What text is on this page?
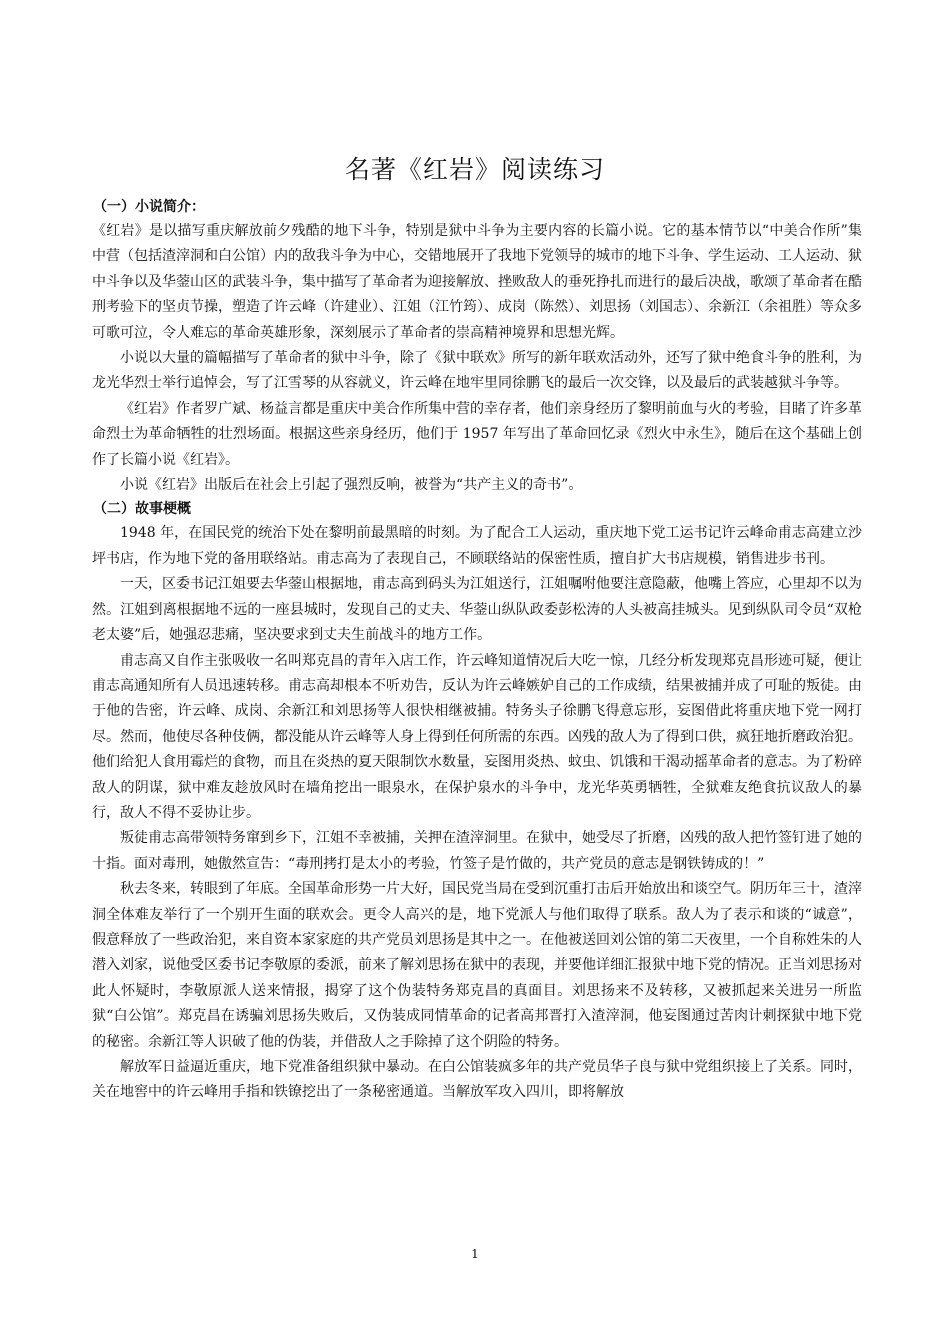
名著《红岩》阅读练习

（一）小说简介：

《红岩》是以描写重庆解放前夕残酷的地下斗争，特别是狱中斗争为主要内容的长篇小说。它的基本情节以“中美合作所”集中营（包括渣滓洞和白公馆）内的敌我斗争为中心，交错地展开了我地下党领导的城市的地下斗争、学生运动、工人运动、狱中斗争以及华蓥山区的武装斗争，集中描写了革命者为迎接解放、挫败敌人的垂死挣扎而进行的最后决战，歌颂了革命者在酷刑考验下的坚贞节操，塑造了许云峰（许建业）、江姐（江竹筠）、成岗（陈然）、刘思扬（刘国志）、余新江（余祖胜）等众多可歌可泣，令人难忘的革命英雄形象，深刻展示了革命者的崇高精神境界和思想光辉。

小说以大量的篇幅描写了革命者的狱中斗争，除了《狱中联欢》所写的新年联欢活动外，还写了狱中绝食斗争的胜利，为龙光华烈士举行追悼会，写了江雪琴的从容就义，许云峰在地牢里同徐鹏飞的最后一次交锋，以及最后的武装越狱斗争等。

《红岩》作者罗广斌、杨益言都是重庆中美合作所集中营的幸存者，他们亲身经历了黎明前血与火的考验，目睹了许多革命烈士为革命牺牲的壮烈场面。根据这些亲身经历，他们于 1957 年写出了革命回忆录《烈火中永生》，随后在这个基础上创作了长篇小说《红岩》。

小说《红岩》出版后在社会上引起了强烈反响，被誉为“共产主义的奇书”。

（二）故事梗概

1948 年，在国民党的统治下处在黎明前最黑暗的时刻。为了配合工人运动，重庆地下党工运书记许云峰命甫志高建立沙坪书店，作为地下党的备用联络站。甫志高为了表现自己，不顾联络站的保密性质，擅自扩大书店规模，销售进步书刊。

一天，区委书记江姐要去华蓥山根据地，甫志高到码头为江姐送行，江姐嘱咐他要注意隐蔽，他嘴上答应，心里却不以为然。江姐到离根据地不远的一座县城时，发现自己的丈夫、华蓥山纵队政委彭松涛的人头被高挂城头。见到纵队司令员“双枪老太婆”后，她强忍悲痛，坚决要求到丈夫生前战斗的地方工作。

甫志高又自作主张吸收一名叫郑克昌的青年入店工作，许云峰知道情况后大吃一惊，几经分析发现郑克昌形迹可疑，便让甫志高通知所有人员迅速转移。甫志高却根本不听劝告，反认为许云峰嫉妒自己的工作成绩，结果被捕并成了可耻的叛徒。由于他的告密，许云峰、成岗、余新江和刘思扬等人很快相继被捕。特务头子徐鹏飞得意忘形，妄图借此将重庆地下党一网打尽。然而，他使尽各种伎俩，都没能从许云峰等人身上得到任何所需的东西。凶残的敌人为了得到口供，疯狂地折磨政治犯。他们给犯人食用霉烂的食物，而且在炎热的夏天限制饮水数量，妄图用炎热、蚊虫、饥饿和干渴动摇革命者的意志。为了粉碎敌人的阴谋，狱中难友趁放风时在墙角挖出一眼泉水，在保护泉水的斗争中，龙光华英勇牺牲，全狱难友绝食抗议敌人的暴行，敌人不得不妥协让步。

叛徒甫志高带领特务窜到乡下，江姐不幸被捕，关押在渣滓洞里。在狱中，她受尽了折磨，凶残的敌人把竹签钉进了她的十指。面对毒刑，她傲然宣告：“毒刑拷打是太小的考验，竹签子是竹做的，共产党员的意志是钢铁铸成的！”

秋去冬来，转眼到了年底。全国革命形势一片大好，国民党当局在受到沉重打击后开始放出和谈空气。阴历年三十，渣滓洞全体难友举行了一个别开生面的联欢会。更令人高兴的是，地下党派人与他们取得了联系。敌人为了表示和谈的“诚意”，假意释放了一些政治犯，来自资本家家庭的共产党员刘思扬是其中之一。在他被送回刘公馆的第二天夜里，一个自称姓朱的人潜入刘家，说他受区委书记李敬原的委派，前来了解刘思扬在狱中的表现，并要他详细汇报狱中地下党的情况。正当刘思扬对此人怀疑时，李敬原派人送来情报，揭穿了这个伪装特务郑克昌的真面目。刘思扬来不及转移，又被抓起来关进另一所监狱“白公馆”。郑克昌在诱骗刘思扬失败后，又伪装成同情革命的记者高邦晋打入渣滓洞，他妄图通过苦肉计刺探狱中地下党的秘密。余新江等人识破了他的伪装，并借敌人之手除掉了这个阴险的特务。

解放军日益逼近重庆，地下党准备组织狱中暴动。在白公馆装疯多年的共产党员华子良与狱中党组织接上了关系。同时，关在地窖中的许云峰用手指和铁镣挖出了一条秘密通道。当解放军攻入四川，即将解放

1
